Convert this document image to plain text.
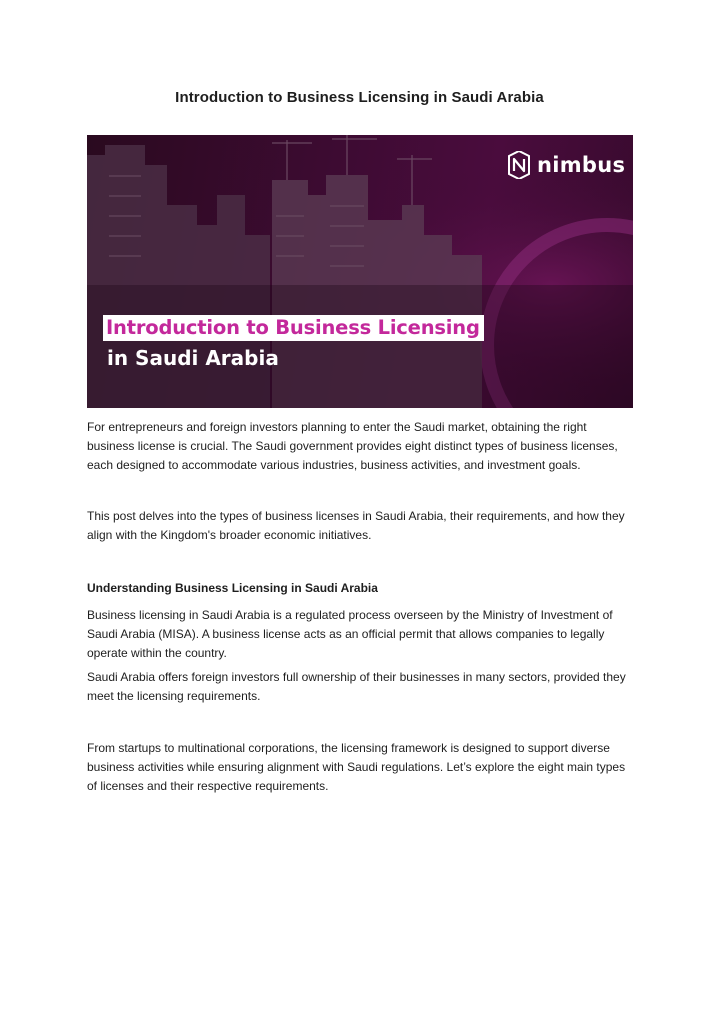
Introduction to Business Licensing in Saudi Arabia
nimbus
Introduction to Business Licensing
in Saudi Arabia

For entrepreneurs and foreign investors planning to enter the Saudi market, obtaining the right business license is crucial. The Saudi government provides eight distinct types of business licenses, each designed to accommodate various industries, business activities, and investment goals.

This post delves into the types of business licenses in Saudi Arabia, their requirements, and how they align with the Kingdom's broader economic initiatives.

Understanding Business Licensing in Saudi Arabia

Business licensing in Saudi Arabia is a regulated process overseen by the Ministry of Investment of Saudi Arabia (MISA). A business license acts as an official permit that allows companies to legally operate within the country.

Saudi Arabia offers foreign investors full ownership of their businesses in many sectors, provided they meet the licensing requirements.

From startups to multinational corporations, the licensing framework is designed to support diverse business activities while ensuring alignment with Saudi regulations. Let’s explore the eight main types of licenses and their respective requirements.
